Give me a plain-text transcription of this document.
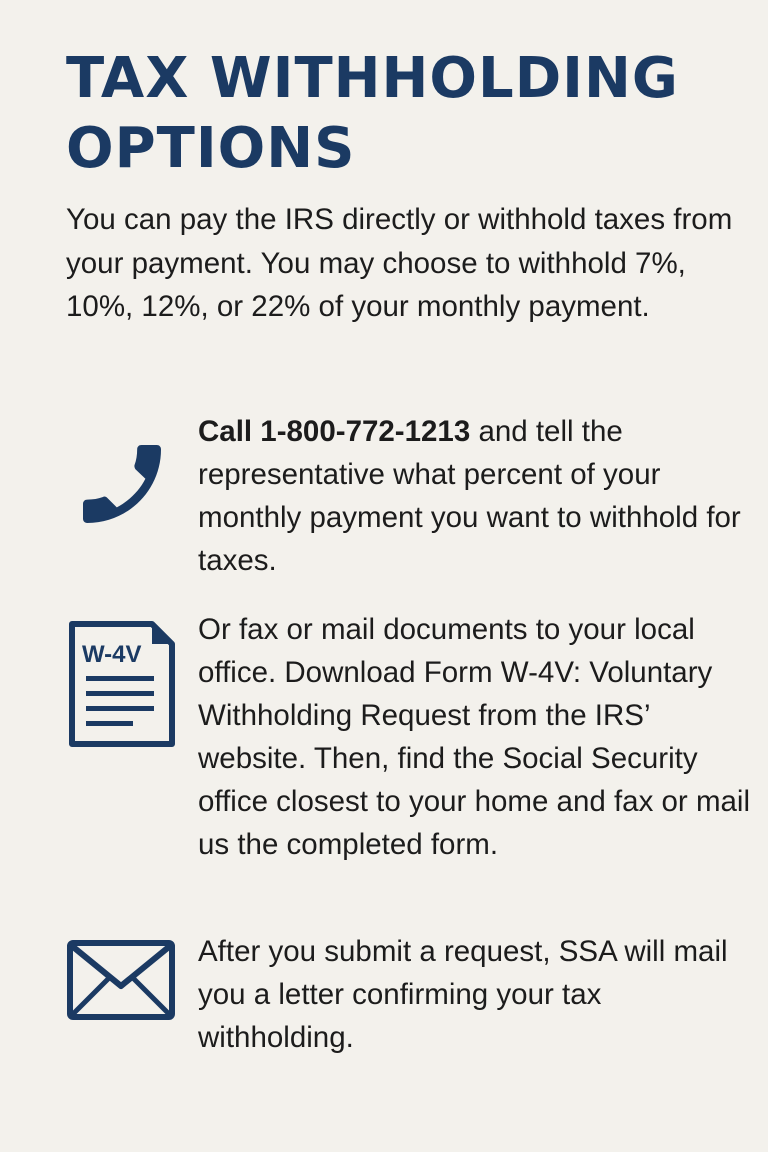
TAX WITHHOLDING OPTIONS

You can pay the IRS directly or withhold taxes from your payment. You may choose to withhold 7%, 10%, 12%, or 22% of your monthly payment.

Call 1-800-772-1213 and tell the representative what percent of your monthly payment you want to withhold for taxes.

W-4V

Or fax or mail documents to your local office. Download Form W-4V: Voluntary Withholding Request from the IRS’ website. Then, find the Social Security office closest to your home and fax or mail us the completed form.

After you submit a request, SSA will mail you a letter confirming your tax withholding.
